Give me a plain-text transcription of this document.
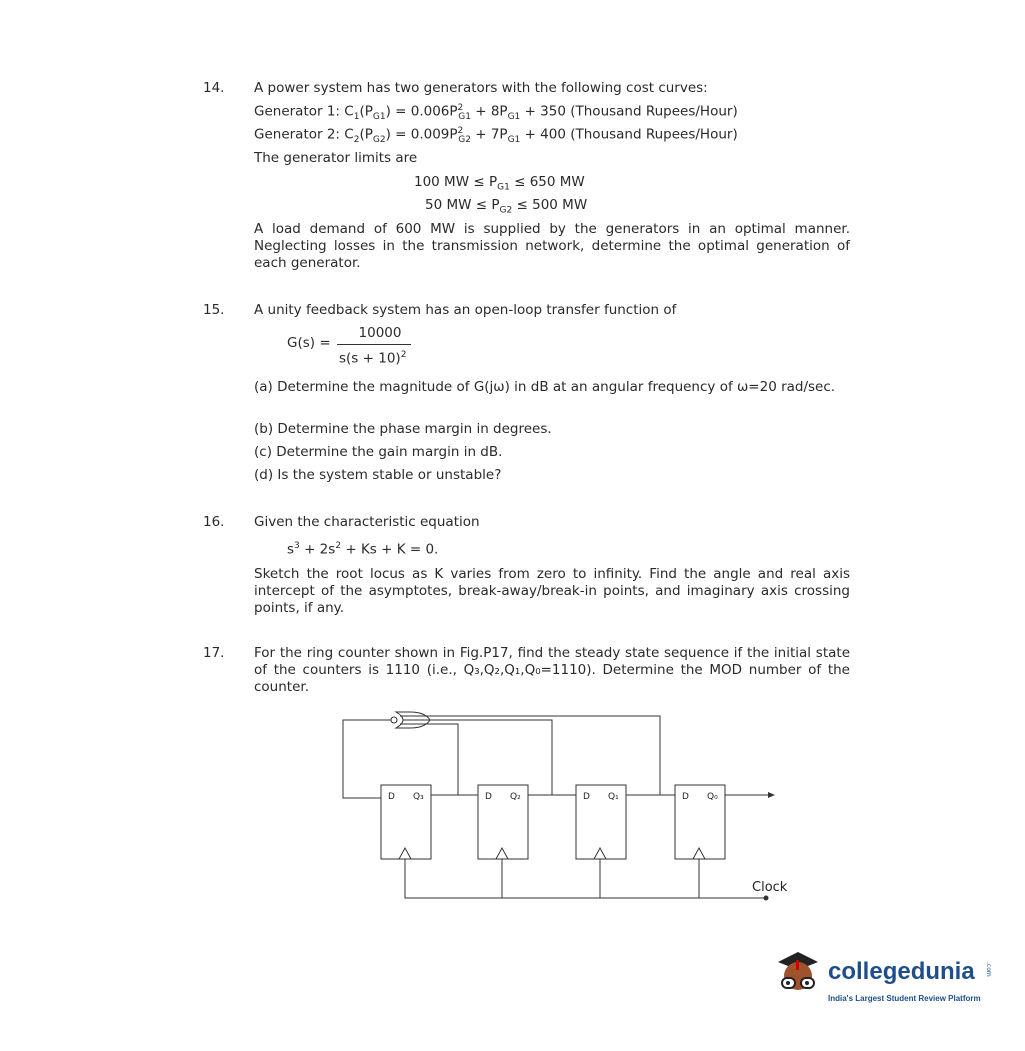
14. A power system has two generators with the following cost curves:
Generator 1: $C_1(P_{G1}) = 0.006P^2_{G1} + 8P_{G1} + 350$ (Thousand Rupees/Hour)
Generator 2: $C_2(P_{G2}) = 0.009P^2_{G2} + 7P_{G1} + 400$ (Thousand Rupees/Hour)
The generator limits are
100 MW ≤ $P_{G1} \le 650$ MW
50 MW ≤ $P_{G2} \le 500$ MW
A load demand of 600 MW is supplied by the generators in an optimal manner. Neglecting losses in the transmission network, determine the optimal generation of each generator.
15. A unity feedback system has an open-loop transfer function of
G(s) =
10000
$s(s + 10)^2$
(a) Determine the magnitude of G(jω) in dB at an angular frequency of ω=20 rad/sec.
(b) Determine the phase margin in degrees.
(c) Determine the gain margin in dB.
(d) Is the system stable or unstable?
16. Given the characteristic equation
$s^3 + 2s^2 + Ks + K = 0$.
Sketch the root locus as K varies from zero to infinity. Find the angle and real axis intercept of the asymptotes, break-away/break-in points, and imaginary axis crossing points, if any.
17. For the ring counter shown in Fig.P17, find the steady state sequence if the initial state of the counters is 1110 (i.e., Q₃,Q₂,Q₁,Q₀=1110). Determine the MOD number of the counter.
D Q₃	D Q₂	D Q₁	D Q₀
Clock
collegedunia .com
India's Largest Student Review Platform
